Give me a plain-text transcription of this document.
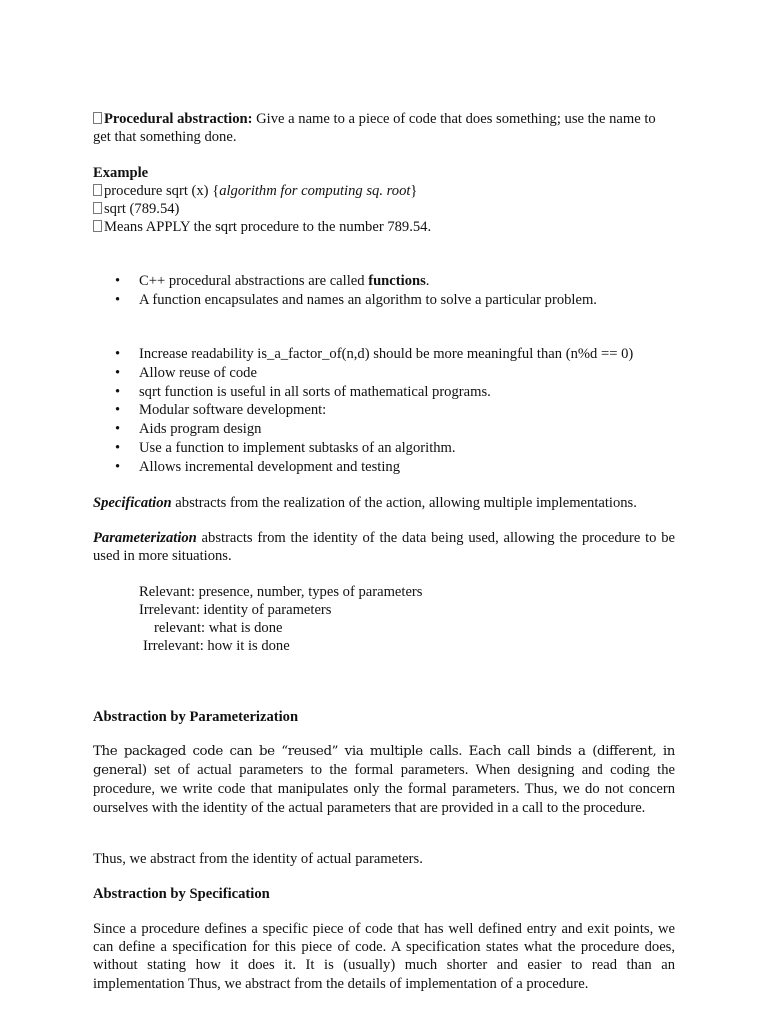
Procedural abstraction: Give a name to a piece of code that does something; use the name to get that something done.

Example

procedure sqrt (x) {algorithm for computing sq. root}

sqrt (789.54)

Means APPLY the sqrt procedure to the number 789.54.

• C++ procedural abstractions are called functions.
• A function encapsulates and names an algorithm to solve a particular problem.
• Increase readability is_a_factor_of(n,d) should be more meaningful than (n%d == 0)
• Allow reuse of code
• sqrt function is useful in all sorts of mathematical programs.
• Modular software development:
• Aids program design
• Use a function to implement subtasks of an algorithm.
• Allows incremental development and testing

Specification abstracts from the realization of the action, allowing multiple implementations.

Parameterization abstracts from the identity of the data being used, allowing the procedure to be used in more situations.

Relevant: presence, number, types of parameters

Irrelevant: identity of parameters

relevant: what is done

Irrelevant: how it is done

Abstraction by Parameterization

The packaged code can be “reused” via multiple calls. Each call binds a (different, in general) set of actual parameters to the formal parameters. When designing and coding the procedure, we write code that manipulates only the formal parameters. Thus, we do not concern ourselves with the identity of the actual parameters that are provided in a call to the procedure.

Thus, we abstract from the identity of actual parameters.

Abstraction by Specification

Since a procedure defines a specific piece of code that has well defined entry and exit points, we can define a specification for this piece of code. A specification states what the procedure does, without stating how it does it. It is (usually) much shorter and easier to read than an implementation Thus, we abstract from the details of implementation of a procedure.
